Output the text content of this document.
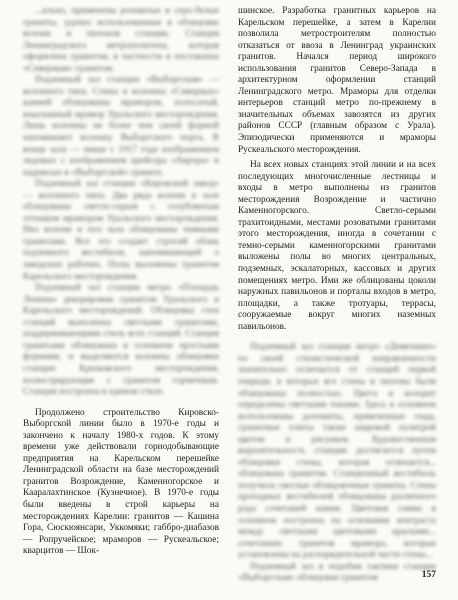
...ально, применены розоватые и серо-белые граниты, удачно использованные в облицовке колонн и пилонов станции. Станция Ленинградского метрополитена, которая оформлена гранитом, в частности и поставлена «Северным» гранитом.

Подземный зал станции «Выборгская» — колонного типа. Стены и колонны «Северных» камней облицованы мрамором, полосатый, изысканный мрамор Уральского месторождения. Лишь колонны не более чем своей формой напоминают колонну Выборгского порта. В конце зала — ниши с 1917 года изображением ледовых с изображением крейсера «Аврора» и надписью в «Выборгской» граните.

Подземный зал станции «Кировский завод» — колонного типа. Два ряда колонн в зале облицованы светло-серым с голубоватым оттенком мрамором Уральского месторождения. Низ колонн и пол зала облицованы темными гранитами. Все это создает строгий облик подземного вестибюля, напоминающий о заводских рабочих. Полы выложены гранитом Карельского месторождения.

Подземный зал станции метро «Площадь Ленина» декорирован гранитом Уральского и Карельского месторождений. Облицовка стен станций выполнена светлыми гранитами, поддерживающими стиль всех станций. Станция гранитами облицована в основном простыми формами, и выделяются колонны облицовки станции Крюковского месторождения, иллюстрирующие с гранитом горчичным. Станция построена в едином стиле.

Продолжено строительство Кировско-Выборгской линии было в 1970-е годы и закончено к началу 1980-х годов. К этому времени уже действовали горнодобывающие предприятия на Карельском перешейке Ленинградской области на базе месторождений гранитов Возрождение, Каменногорское и Кааралахтинское (Кузнечное). В 1970-е годы были введены в строй карьеры на месторождениях Карелии: гранитов — Кашина Гора, Сюскюянсари, Уккомяки; габбро-диабазов — Ропручейское; мраморов — Рускеальское; кварцитов — Шок-

шинское. Разработка гранитных карьеров на Карельском перешейке, а затем в Карелии позволила метростроителям полностью отказаться от ввоза в Ленинград украинских гранитов. Начался период широкого использования гранитов Северо-Запада в архитектурном оформлении станций Ленинградского метро. Мраморы для отделки интерьеров станций метро по-прежнему в значительных объемах завозятся из других районов СССР (главным образом с Урала). Эпизодически применяются и мраморы Рускеальского месторождения.

На всех новых станциях этой линии и на всех последующих многочисленные лестницы и входы в метро выполнены из гранитов месторождения Возрождение и частично Каменногорского. Светло-серыми трахитоидными, местами розоватыми гранитами этого месторождения, иногда в сочетании с темно-серыми каменногорскими гранитами выложены полы во многих центральных, подземных, эскалаторных, кассовых и других помещениях метро. Ими же облицованы цоколи наружных павильонов и порталы входов в метро, площадки, а также тротуары, террасы, сооружаемые вокруг многих наземных павильонов.

Подземный зал станции метро «Девяткино» по своей стилистической направленности значительно отличается от станций первой очереди, в которых все стены и пилоны были облицованы полностью. Цвета и колорит определены светлыми тонами. Здесь в основном использованы доломиты, привезенные сюда, гранитные плиты также широкой палитрой цветов и рисунков. Художественная выразительность станции достигается путем облицовки стены, которая отличается... облицована гранитом. Станционный вестибюль получила светлые облицовочные граниты. Стены проходных вестибюлей облицованы различного рода сочетаний камня. Цветовая гамма в основном построена на основании контраста между светлыми цветовыми красками... сочетаниях гранитов мрамора, которые установлены на распорядительной части стены...

Подземный зал в подобии тактики станции «Выборгская» облицован гранитом	157
